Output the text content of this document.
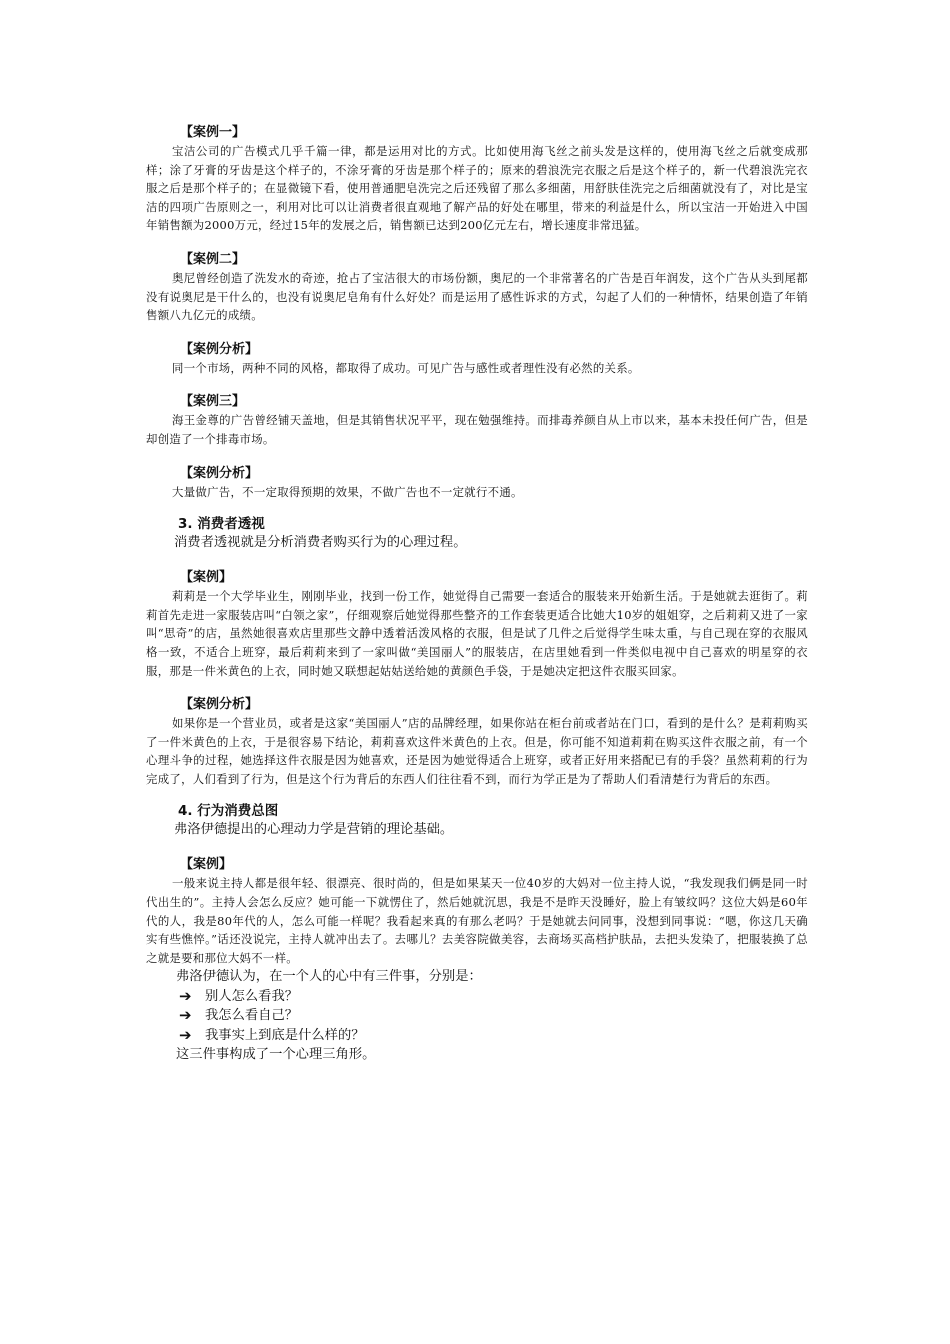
【案例一】

宝洁公司的广告模式几乎千篇一律，都是运用对比的方式。比如使用海飞丝之前头发是这样的，使用海飞丝之后就变成那样；涂了牙膏的牙齿是这个样子的，不涂牙膏的牙齿是那个样子的；原来的碧浪洗完衣服之后是这个样子的，新一代碧浪洗完衣服之后是那个样子的；在显微镜下看，使用普通肥皂洗完之后还残留了那么多细菌，用舒肤佳洗完之后细菌就没有了，对比是宝洁的四项广告原则之一，利用对比可以让消费者很直观地了解产品的好处在哪里，带来的利益是什么，所以宝洁一开始进入中国年销售额为2000万元，经过15年的发展之后，销售额已达到200亿元左右，增长速度非常迅猛。

【案例二】

奥尼曾经创造了洗发水的奇迹，抢占了宝洁很大的市场份额，奥尼的一个非常著名的广告是百年润发，这个广告从头到尾都没有说奥尼是干什么的，也没有说奥尼皂角有什么好处？而是运用了感性诉求的方式，勾起了人们的一种情怀，结果创造了年销售额八九亿元的成绩。

【案例分析】

同一个市场，两种不同的风格，都取得了成功。可见广告与感性或者理性没有必然的关系。

【案例三】

海王金尊的广告曾经铺天盖地，但是其销售状况平平，现在勉强维持。而排毒养颜自从上市以来，基本未投任何广告，但是却创造了一个排毒市场。

【案例分析】

大量做广告，不一定取得预期的效果，不做广告也不一定就行不通。

3. 消费者透视
消费者透视就是分析消费者购买行为的心理过程。
【案例】

莉莉是一个大学毕业生，刚刚毕业，找到一份工作，她觉得自己需要一套适合的服装来开始新生活。于是她就去逛街了。莉莉首先走进一家服装店叫“白领之家”，仔细观察后她觉得那些整齐的工作套装更适合比她大10岁的姐姐穿，之后莉莉又进了一家叫“思奇”的店，虽然她很喜欢店里那些文静中透着活泼风格的衣服，但是试了几件之后觉得学生味太重，与自己现在穿的衣服风格一致，不适合上班穿，最后莉莉来到了一家叫做“美国丽人”的服装店，在店里她看到一件类似电视中自己喜欢的明星穿的衣服，那是一件米黄色的上衣，同时她又联想起姑姑送给她的黄颜色手袋，于是她决定把这件衣服买回家。

【案例分析】

如果你是一个营业员，或者是这家“美国丽人”店的品牌经理，如果你站在柜台前或者站在门口，看到的是什么？是莉莉购买了一件米黄色的上衣，于是很容易下结论，莉莉喜欢这件米黄色的上衣。但是，你可能不知道莉莉在购买这件衣服之前，有一个心理斗争的过程，她选择这件衣服是因为她喜欢，还是因为她觉得适合上班穿，或者正好用来搭配已有的手袋？虽然莉莉的行为完成了，人们看到了行为，但是这个行为背后的东西人们往往看不到，而行为学正是为了帮助人们看清楚行为背后的东西。

4. 行为消费总图
弗洛伊德提出的心理动力学是营销的理论基础。
【案例】

一般来说主持人都是很年轻、很漂亮、很时尚的，但是如果某天一位40岁的大妈对一位主持人说，“我发现我们俩是同一时代出生的”。主持人会怎么反应？她可能一下就愣住了，然后她就沉思，我是不是昨天没睡好，脸上有皱纹吗？这位大妈是60年代的人，我是80年代的人，怎么可能一样呢？我看起来真的有那么老吗？于是她就去问同事，没想到同事说：“嗯，你这几天确实有些憔悴。”话还没说完，主持人就冲出去了。去哪儿？去美容院做美容，去商场买高档护肤品，去把头发染了，把服装换了总之就是要和那位大妈不一样。

弗洛伊德认为，在一个人的心中有三件事，分别是：
➔	别人怎么看我？
➔	我怎么看自己？
➔	我事实上到底是什么样的？
这三件事构成了一个心理三角形。
